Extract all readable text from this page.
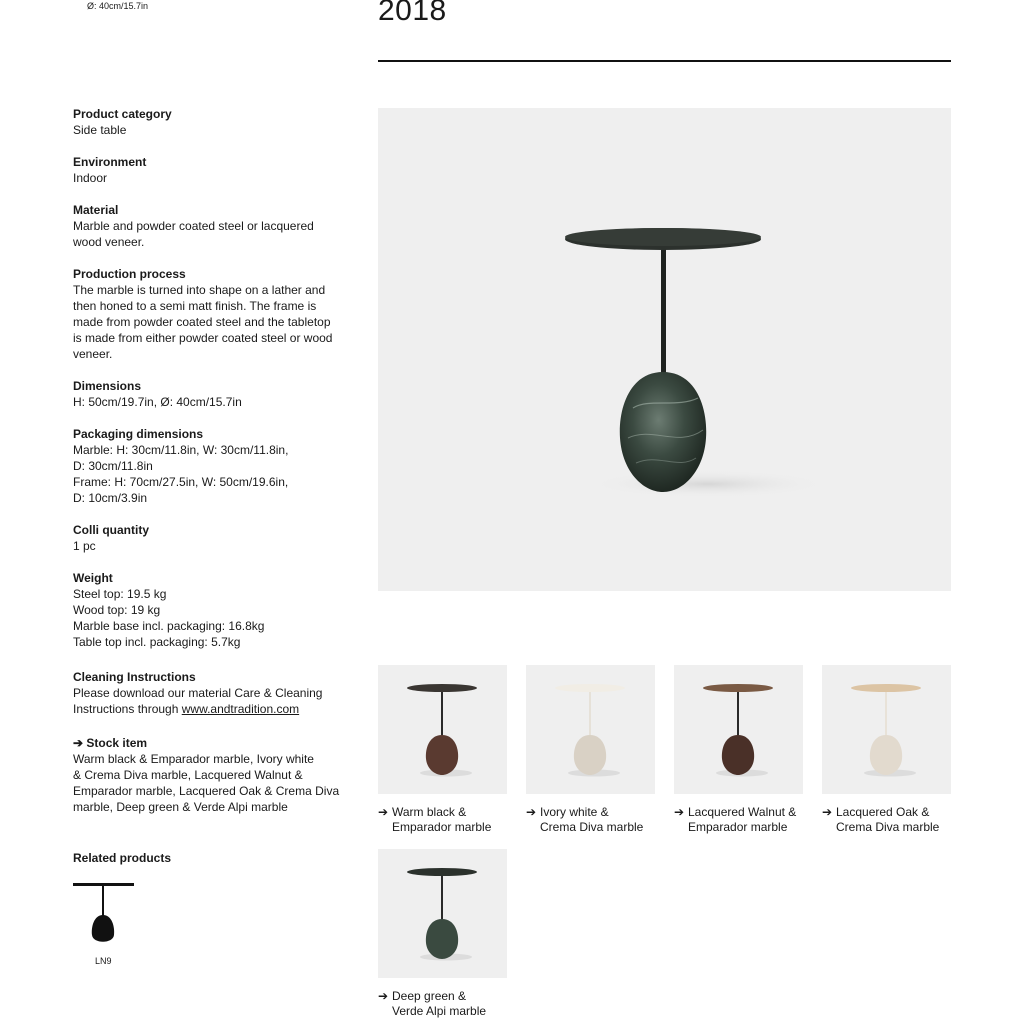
Ø: 40cm/15.7in	2018
Product category
Side table
Environment
Indoor
Material
Marble and powder coated steel or lacquered
wood veneer.
Production process
The marble is turned into shape on a lather and
then honed to a semi matt finish. The frame is
made from powder coated steel and the tabletop
is made from either powder coated steel or wood
veneer.
Dimensions
H: 50cm/19.7in, Ø: 40cm/15.7in
Packaging dimensions
Marble: H: 30cm/11.8in, W: 30cm/11.8in,
D: 30cm/11.8in
Frame: H: 70cm/27.5in, W: 50cm/19.6in,
D: 10cm/3.9in
Colli quantity
1 pc
Weight
Steel top: 19.5 kg
Wood top: 19 kg
Marble base incl. packaging: 16.8kg
Table top incl. packaging: 5.7kg
Cleaning Instructions
Please download our material Care & Cleaning
Instructions through www.andtradition.com
➔ Stock item
Warm black & Emparador marble, Ivory white
& Crema Diva marble, Lacquered Walnut &
Emparador marble, Lacquered Oak & Crema Diva
marble, Deep green & Verde Alpi marble
Related products
LN9
➔ Warm black &
Emparador marble
➔ Ivory white &
Crema Diva marble
➔ Lacquered Walnut &
Emparador marble
➔ Lacquered Oak &
Crema Diva marble
➔ Deep green &
Verde Alpi marble
